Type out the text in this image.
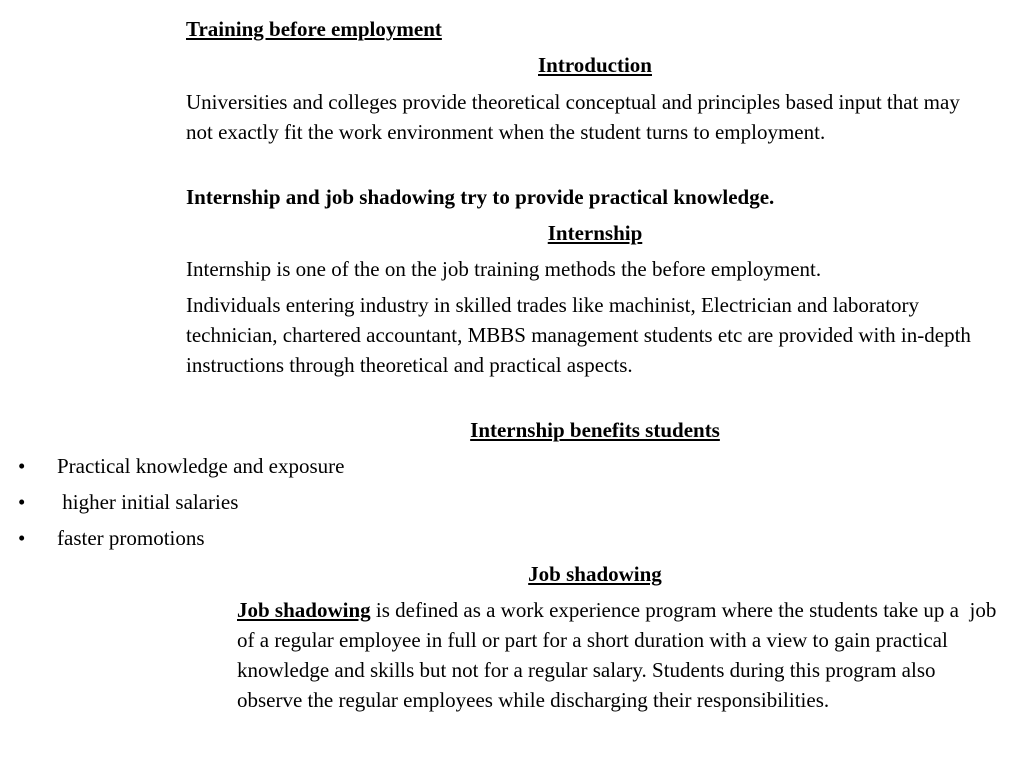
Training before employment

Introduction

Universities and colleges provide theoretical conceptual and principles based input that may not exactly fit the work environment when the student turns to employment.

Internship and job shadowing try to provide practical knowledge.

Internship

Internship is one of the on the job training methods the before employment.

Individuals entering industry in skilled trades like machinist, Electrician and laboratory technician, chartered accountant, MBBS management students etc are provided with in-depth instructions through theoretical and practical aspects.

Internship benefits students

• Practical knowledge and exposure
• higher initial salaries
• faster promotions

Job shadowing

Job shadowing is defined as a work experience program where the students take up a  job of a regular employee in full or part for a short duration with a view to gain practical knowledge and skills but not for a regular salary. Students during this program also observe the regular employees while discharging their responsibilities.
